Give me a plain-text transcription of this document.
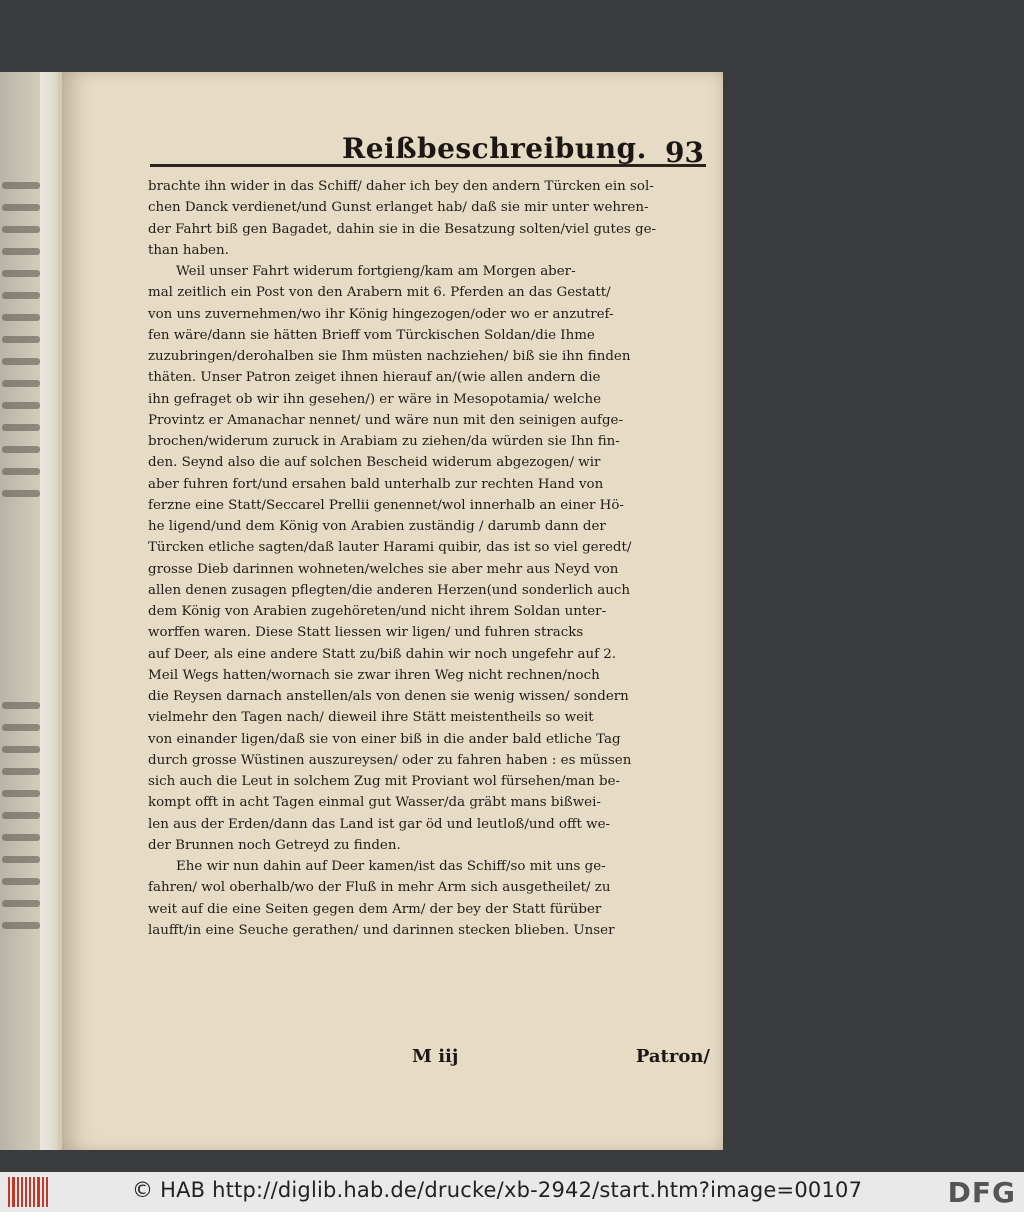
Reißbeschreibung. 93
brachte ihn wider in das Schiff/ daher ich bey den andern Türcken ein sol-
chen Danck verdienet/und Gunst erlanget hab/ daß sie mir unter wehren-
der Fahrt biß gen Bagadet, dahin sie in die Besatzung solten/viel gutes ge-
than haben.
Weil unser Fahrt widerum fortgieng/kam am Morgen aber-
mal zeitlich ein Post von den Arabern mit 6. Pferden an das Gestatt/
von uns zuvernehmen/wo ihr König hingezogen/oder wo er anzutref-
fen wäre/dann sie hätten Brieff vom Türckischen Soldan/die Ihme
zuzubringen/derohalben sie Ihm müsten nachziehen/ biß sie ihn finden
thäten. Unser Patron zeiget ihnen hierauf an/(wie allen andern die
ihn gefraget ob wir ihn gesehen/) er wäre in Mesopotamia/ welche
Provintz er Amanachar nennet/ und wäre nun mit den seinigen aufge-
brochen/widerum zuruck in Arabiam zu ziehen/da würden sie Ihn fin-
den. Seynd also die auf solchen Bescheid widerum abgezogen/ wir
aber fuhren fort/und ersahen bald unterhalb zur rechten Hand von
ferzne eine Statt/Seccarel Prellii genennet/wol innerhalb an einer Hö-
he ligend/und dem König von Arabien zuständig / darumb dann der
Türcken etliche sagten/daß lauter Harami quibir, das ist so viel geredt/
grosse Dieb darinnen wohneten/welches sie aber mehr aus Neyd von
allen denen zusagen pflegten/die anderen Herzen(und sonderlich auch
dem König von Arabien zugehöreten/und nicht ihrem Soldan unter-
worffen waren. Diese Statt liessen wir ligen/ und fuhren stracks
auf Deer, als eine andere Statt zu/biß dahin wir noch ungefehr auf 2.
Meil Wegs hatten/wornach sie zwar ihren Weg nicht rechnen/noch
die Reysen darnach anstellen/als von denen sie wenig wissen/ sondern
vielmehr den Tagen nach/ dieweil ihre Stätt meistentheils so weit
von einander ligen/daß sie von einer biß in die ander bald etliche Tag
durch grosse Wüstinen auszureysen/ oder zu fahren haben : es müssen
sich auch die Leut in solchem Zug mit Proviant wol fürsehen/man be-
kompt offt in acht Tagen einmal gut Wasser/da gräbt mans bißwei-
len aus der Erden/dann das Land ist gar öd und leutloß/und offt we-
der Brunnen noch Getreyd zu finden.
Ehe wir nun dahin auf Deer kamen/ist das Schiff/so mit uns ge-
fahren/ wol oberhalb/wo der Fluß in mehr Arm sich ausgetheilet/ zu
weit auf die eine Seiten gegen dem Arm/ der bey der Statt fürüber
laufft/in eine Seuche gerathen/ und darinnen stecken blieben. Unser
M iij	Patron/
© HAB http://diglib.hab.de/drucke/xb-2942/start.htm?image=00107	DFG
